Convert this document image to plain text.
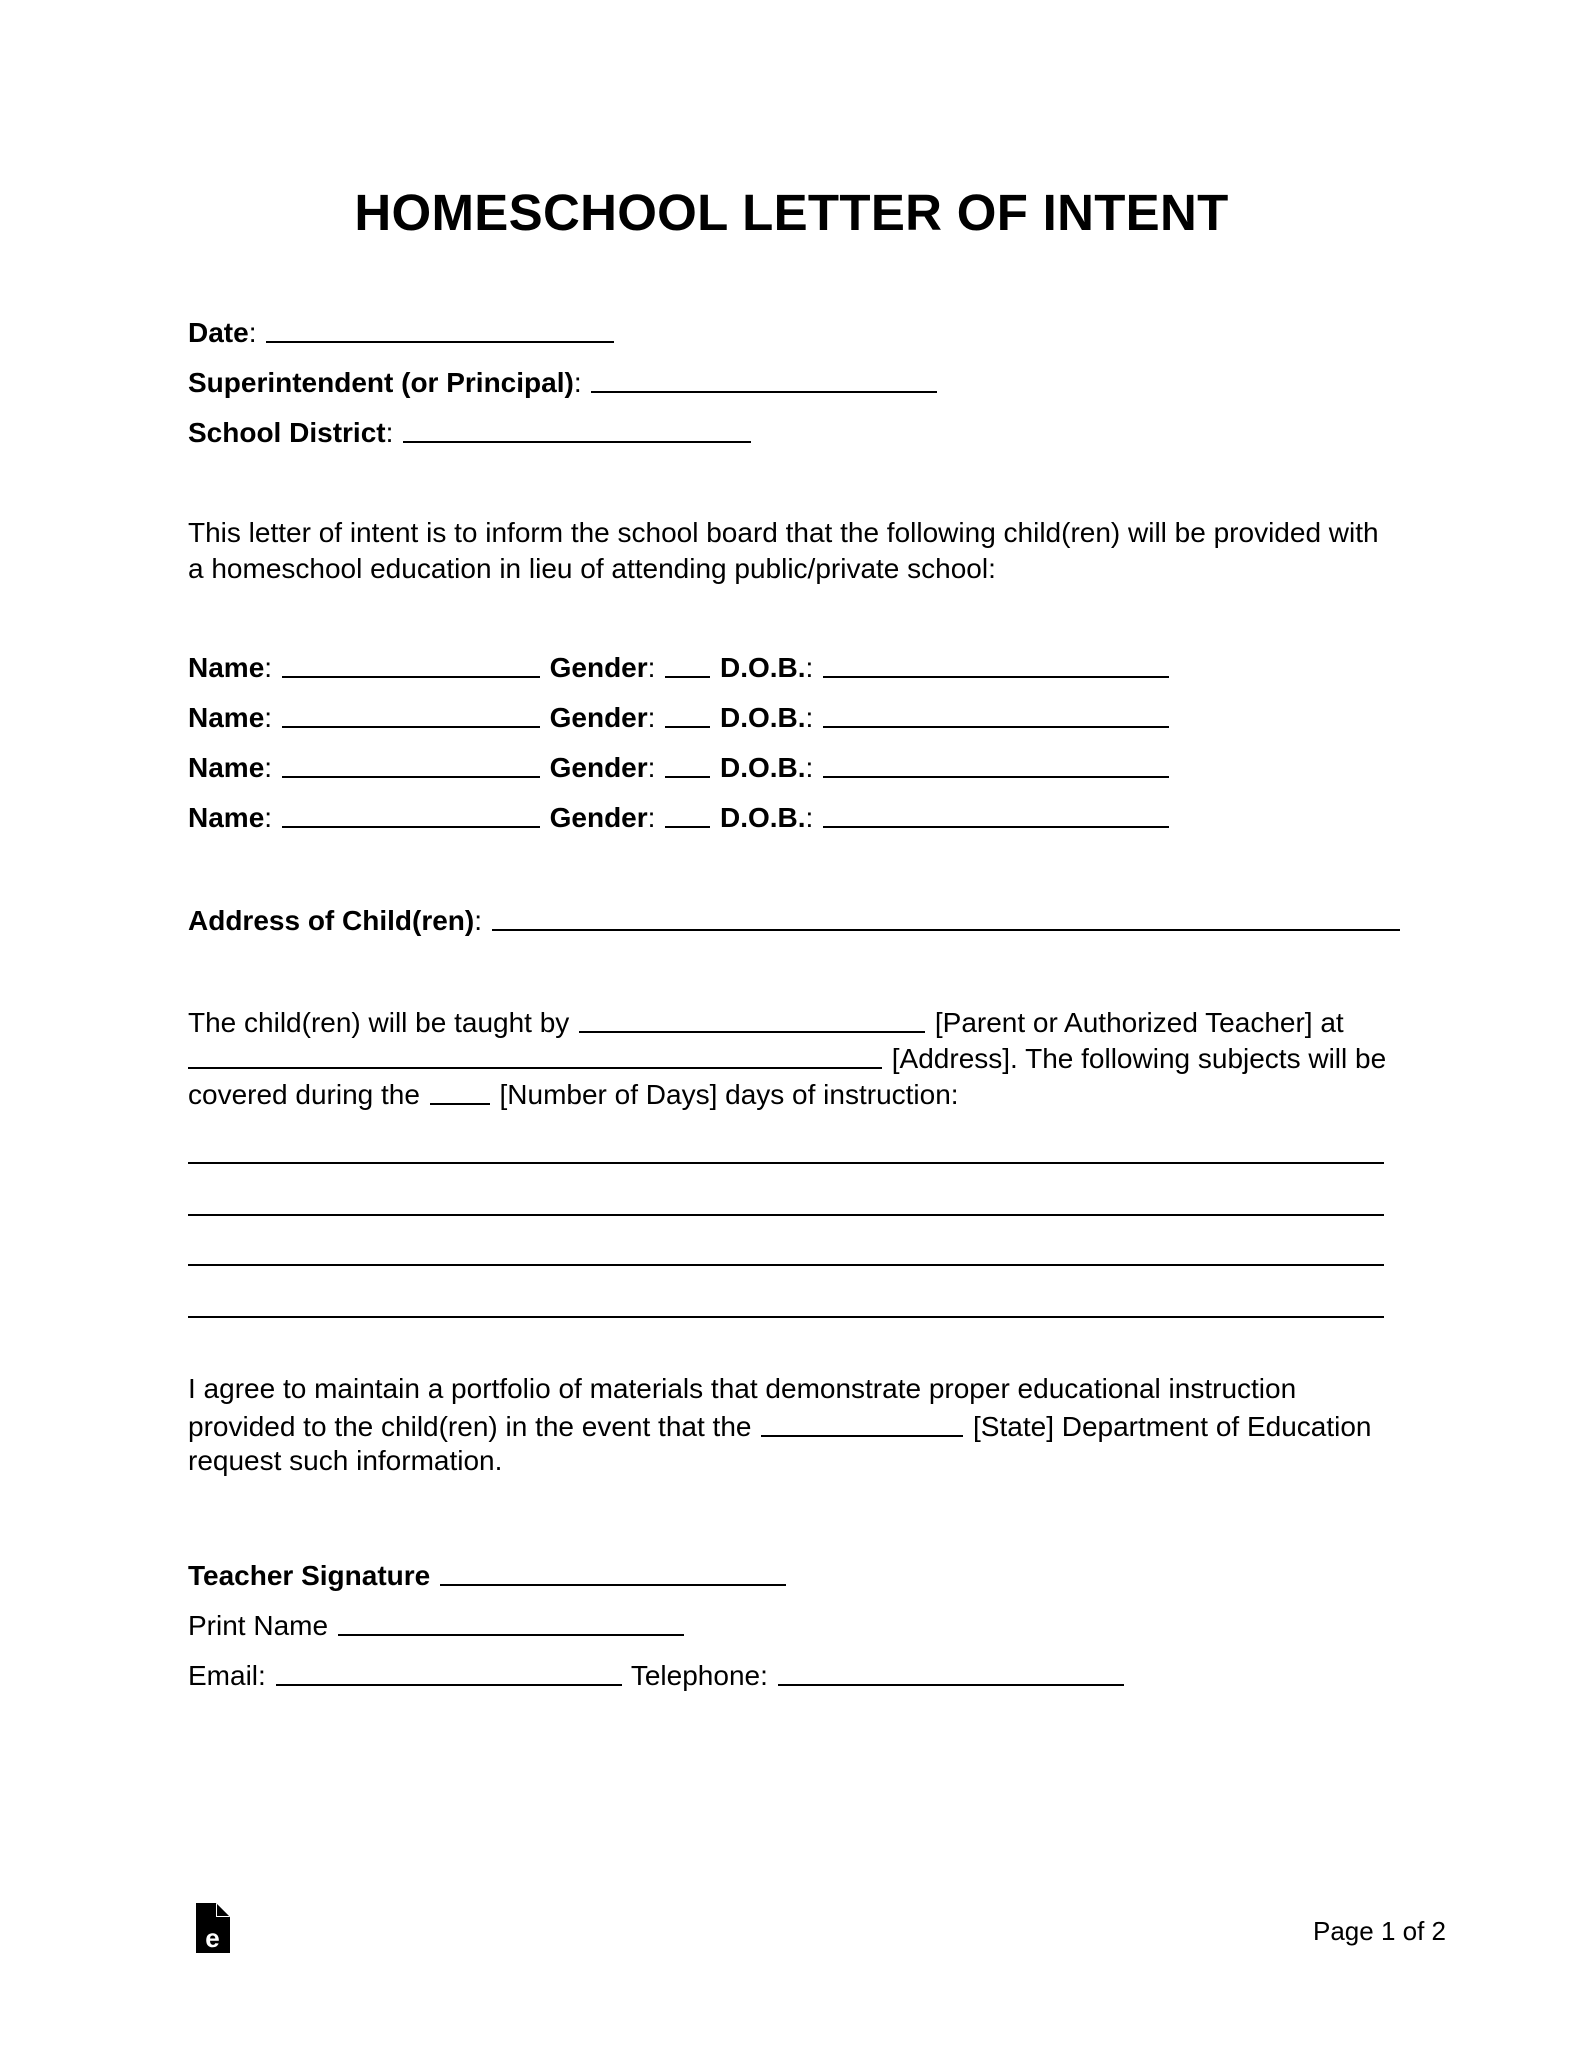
HOMESCHOOL LETTER OF INTENT
Date:
Superintendent (or Principal):
School District:
This letter of intent is to inform the school board that the following child(ren) will be provided with
a homeschool education in lieu of attending public/private school:
Name:	Gender: D.O.B.:
Name:	Gender: D.O.B.:
Name:	Gender: D.O.B.:
Name:	Gender: D.O.B.:
Address of Child(ren):
The child(ren) will be taught by	[Parent or Authorized Teacher] at
[Address]. The following subjects will be
covered during the	[Number of Days] days of instruction:
I agree to maintain a portfolio of materials that demonstrate proper educational instruction
provided to the child(ren) in the event that the	[State] Department of Education
request such information.
Teacher Signature
Print Name
Email:	Telephone:
e	Page 1 of 2
